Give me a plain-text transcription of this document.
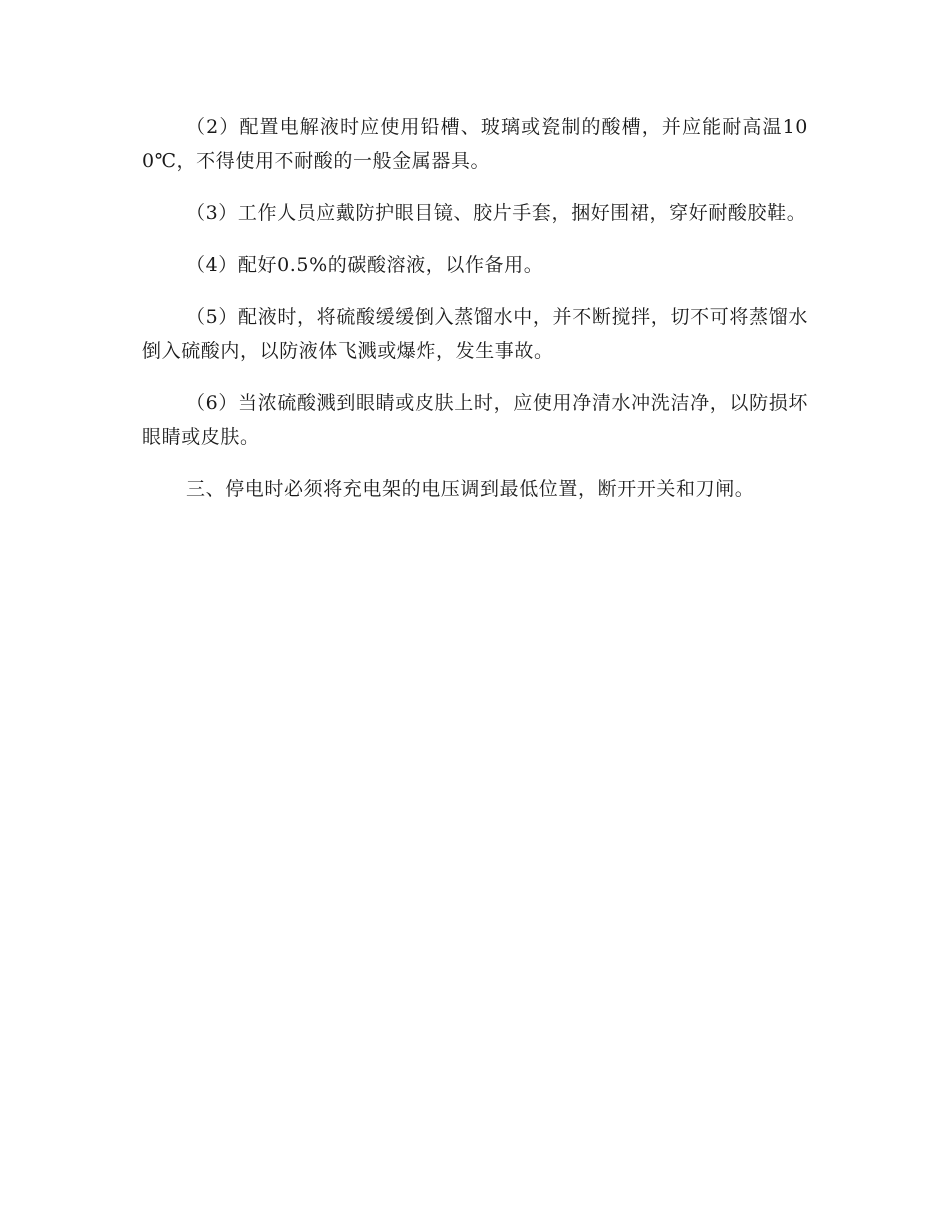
（2）配置电解液时应使用铅槽、玻璃或瓷制的酸槽，并应能耐高温100℃，不得使用不耐酸的一般金属器具。

（3）工作人员应戴防护眼目镜、胶片手套，捆好围裙，穿好耐酸胶鞋。

（4）配好0.5%的碳酸溶液，以作备用。

（5）配液时，将硫酸缓缓倒入蒸馏水中，并不断搅拌，切不可将蒸馏水倒入硫酸内，以防液体飞溅或爆炸，发生事故。

（6）当浓硫酸溅到眼睛或皮肤上时，应使用净清水冲洗洁净，以防损坏眼睛或皮肤。

三、停电时必须将充电架的电压调到最低位置，断开开关和刀闸。
